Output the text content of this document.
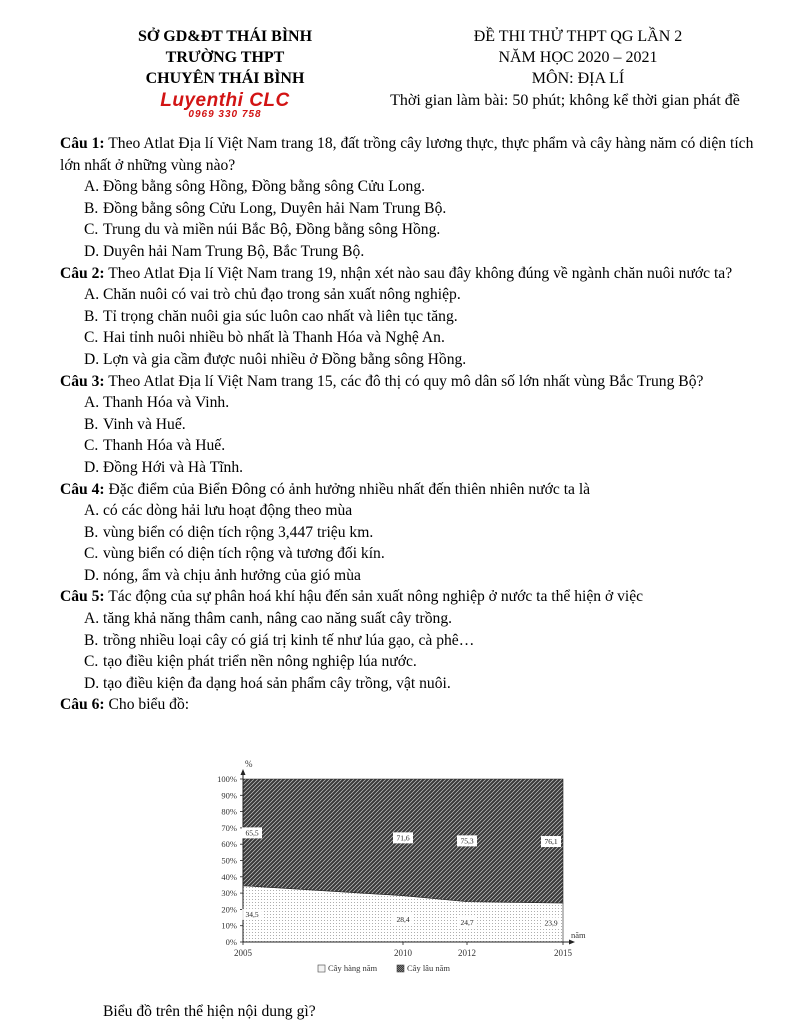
SỞ GD&ĐT THÁI BÌNH
TRƯỜNG THPT
CHUYÊN THÁI BÌNH
Luyenthi CLC
0969 330 758
ĐỀ THI THỬ THPT QG LẦN 2
NĂM HỌC 2020 – 2021
MÔN: ĐỊA LÍ
Thời gian làm bài: 50 phút; không kể thời gian phát đề
Câu 1: Theo Atlat Địa lí Việt Nam trang 18, đất trồng cây lương thực, thực phẩm và cây hàng năm có diện tích lớn nhất ở những vùng nào?
A. Đồng bằng sông Hồng, Đồng bằng sông Cửu Long.
B. Đồng bằng sông Cửu Long, Duyên hải Nam Trung Bộ.
C. Trung du và miền núi Bắc Bộ, Đồng bằng sông Hồng.
D. Duyên hải Nam Trung Bộ, Bắc Trung Bộ.
Câu 2: Theo Atlat Địa lí Việt Nam trang 19, nhận xét nào sau đây không đúng về ngành chăn nuôi nước ta?
A. Chăn nuôi có vai trò chủ đạo trong sản xuất nông nghiệp.
B. Tỉ trọng chăn nuôi gia súc luôn cao nhất và liên tục tăng.
C. Hai tỉnh nuôi nhiều bò nhất là Thanh Hóa và Nghệ An.
D. Lợn và gia cầm được nuôi nhiều ở Đồng bằng sông Hồng.
Câu 3: Theo Atlat Địa lí Việt Nam trang 15, các đô thị có quy mô dân số lớn nhất vùng Bắc Trung Bộ?
A. Thanh Hóa và Vinh.
B. Vinh và Huế.
C. Thanh Hóa và Huế.
D. Đồng Hới và Hà Tĩnh.
Câu 4: Đặc điểm của Biển Đông có ảnh hưởng nhiều nhất đến thiên nhiên nước ta là
A. có các dòng hải lưu hoạt động theo mùa
B. vùng biển có diện tích rộng 3,447 triệu km.
C. vùng biển có diện tích rộng và tương đối kín.
D. nóng, ẩm và chịu ảnh hưởng của gió mùa
Câu 5: Tác động của sự phân hoá khí hậu đến sản xuất nông nghiệp ở nước ta thể hiện ở việc
A. tăng khả năng thâm canh, nâng cao năng suất cây trồng.
B. trồng nhiều loại cây có giá trị kinh tế như lúa gạo, cà phê…
C. tạo điều kiện phát triển nền nông nghiệp lúa nước.
D. tạo điều kiện đa dạng hoá sản phẩm cây trồng, vật nuôi.
Câu 6: Cho biểu đồ:
0%
10%
20%
30%
40%
50%
60%
70%
80%
90%
100%
%
2005	2010	2012	2015
năm
34,5
28,4	24,7	23,9
65,5
71,6	75,3	76,1
Cây hàng năm	Cây lâu năm
Biểu đồ trên thể hiện nội dung gì?
